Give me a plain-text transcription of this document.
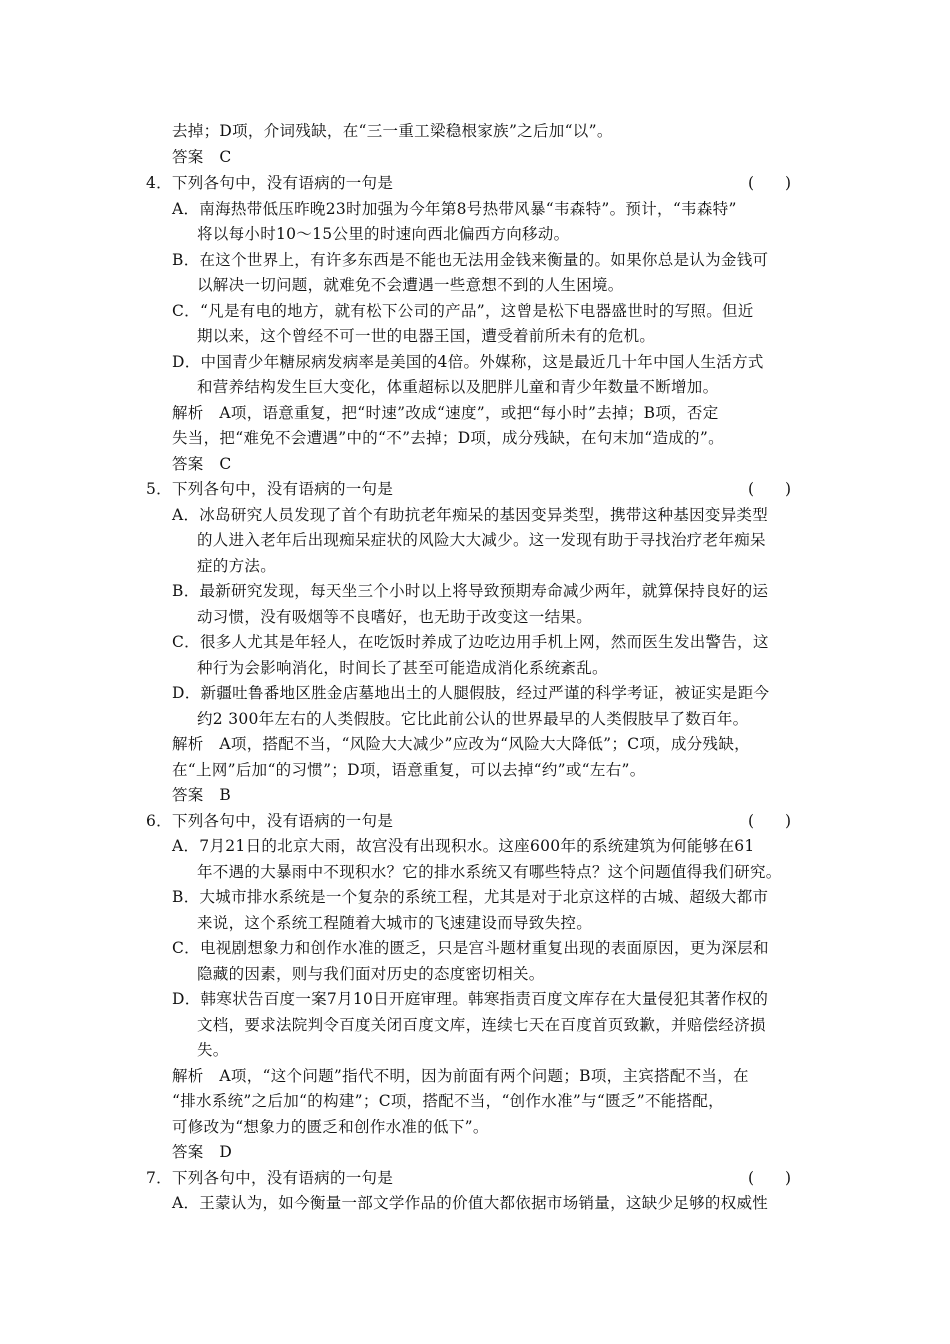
去掉；D项，介词残缺，在“三一重工梁稳根家族”之后加“以”。
答案　C
4．下列各句中，没有语病的一句是	(　　)
A．南海热带低压昨晚23时加强为今年第8号热带风暴“韦森特”。预计，“韦森特”
将以每小时10～15公里的时速向西北偏西方向移动。
B．在这个世界上，有许多东西是不能也无法用金钱来衡量的。如果你总是认为金钱可
以解决一切问题，就难免不会遭遇一些意想不到的人生困境。
C．“凡是有电的地方，就有松下公司的产品”，这曾是松下电器盛世时的写照。但近
期以来，这个曾经不可一世的电器王国，遭受着前所未有的危机。
D．中国青少年糖尿病发病率是美国的4倍。外媒称，这是最近几十年中国人生活方式
和营养结构发生巨大变化，体重超标以及肥胖儿童和青少年数量不断增加。
解析　A项，语意重复，把“时速”改成“速度”，或把“每小时”去掉；B项，否定
失当，把“难免不会遭遇”中的“不”去掉；D项，成分残缺，在句末加“造成的”。
答案　C
5．下列各句中，没有语病的一句是	(　　)
A．冰岛研究人员发现了首个有助抗老年痴呆的基因变异类型，携带这种基因变异类型
的人进入老年后出现痴呆症状的风险大大减少。这一发现有助于寻找治疗老年痴呆
症的方法。
B．最新研究发现，每天坐三个小时以上将导致预期寿命减少两年，就算保持良好的运
动习惯，没有吸烟等不良嗜好，也无助于改变这一结果。
C．很多人尤其是年轻人，在吃饭时养成了边吃边用手机上网，然而医生发出警告，这
种行为会影响消化，时间长了甚至可能造成消化系统紊乱。
D．新疆吐鲁番地区胜金店墓地出土的人腿假肢，经过严谨的科学考证，被证实是距今
约2 300年左右的人类假肢。它比此前公认的世界最早的人类假肢早了数百年。
解析　A项，搭配不当，“风险大大减少”应改为“风险大大降低”；C项，成分残缺，
在“上网”后加“的习惯”；D项，语意重复，可以去掉“约”或“左右”。
答案　B
6．下列各句中，没有语病的一句是	(　　)
A．7月21日的北京大雨，故宫没有出现积水。这座600年的系统建筑为何能够在61
年不遇的大暴雨中不现积水？它的排水系统又有哪些特点？这个问题值得我们研究。
B．大城市排水系统是一个复杂的系统工程，尤其是对于北京这样的古城、超级大都市
来说，这个系统工程随着大城市的飞速建设而导致失控。
C．电视剧想象力和创作水准的匮乏，只是宫斗题材重复出现的表面原因，更为深层和
隐藏的因素，则与我们面对历史的态度密切相关。
D．韩寒状告百度一案7月10日开庭审理。韩寒指责百度文库存在大量侵犯其著作权的
文档，要求法院判令百度关闭百度文库，连续七天在百度首页致歉，并赔偿经济损
失。
解析　A项，“这个问题”指代不明，因为前面有两个问题；B项，主宾搭配不当，在
“排水系统”之后加“的构建”；C项，搭配不当，“创作水准”与“匮乏”不能搭配，
可修改为“想象力的匮乏和创作水准的低下”。
答案　D
7．下列各句中，没有语病的一句是	(　　)
A．王蒙认为，如今衡量一部文学作品的价值大都依据市场销量，这缺少足够的权威性
